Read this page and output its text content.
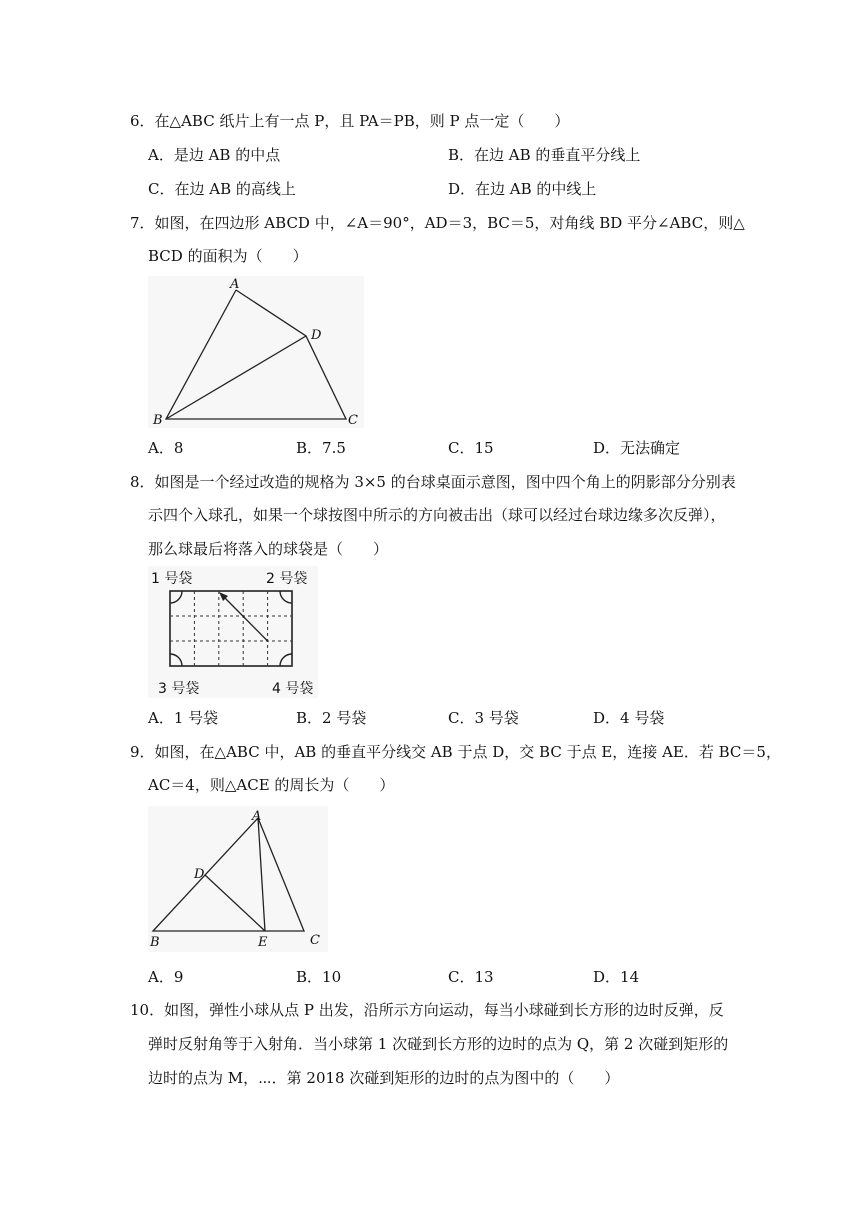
6．在△ABC 纸片上有一点 P，且 PA＝PB，则 P 点一定（　　）
A．是边 AB 的中点	B．在边 AB 的垂直平分线上
C．在边 AB 的高线上	D．在边 AB 的中线上
7．如图，在四边形 ABCD 中，∠A＝90°，AD＝3，BC＝5，对角线 BD 平分∠ABC，则△
BCD 的面积为（　　）
A
B	C
D
A．8	B．7.5	C．15	D．无法确定
8．如图是一个经过改造的规格为 3×5 的台球桌面示意图，图中四个角上的阴影部分分别表
示四个入球孔，如果一个球按图中所示的方向被击出（球可以经过台球边缘多次反弹），
那么球最后将落入的球袋是（　　）
1 号袋	2 号袋
3 号袋	4 号袋
A．1 号袋	B．2 号袋	C．3 号袋	D．4 号袋
9．如图，在△ABC 中，AB 的垂直平分线交 AB 于点 D，交 BC 于点 E，连接 AE．若 BC＝5，
AC＝4，则△ACE 的周长为（　　）
A
D
B	E	C
A．9	B．10	C．13	D．14
10．如图，弹性小球从点 P 出发，沿所示方向运动，每当小球碰到长方形的边时反弹，反
弹时反射角等于入射角．当小球第 1 次碰到长方形的边时的点为 Q，第 2 次碰到矩形的
边时的点为 M，⋯．第 2018 次碰到矩形的边时的点为图中的（　　）
